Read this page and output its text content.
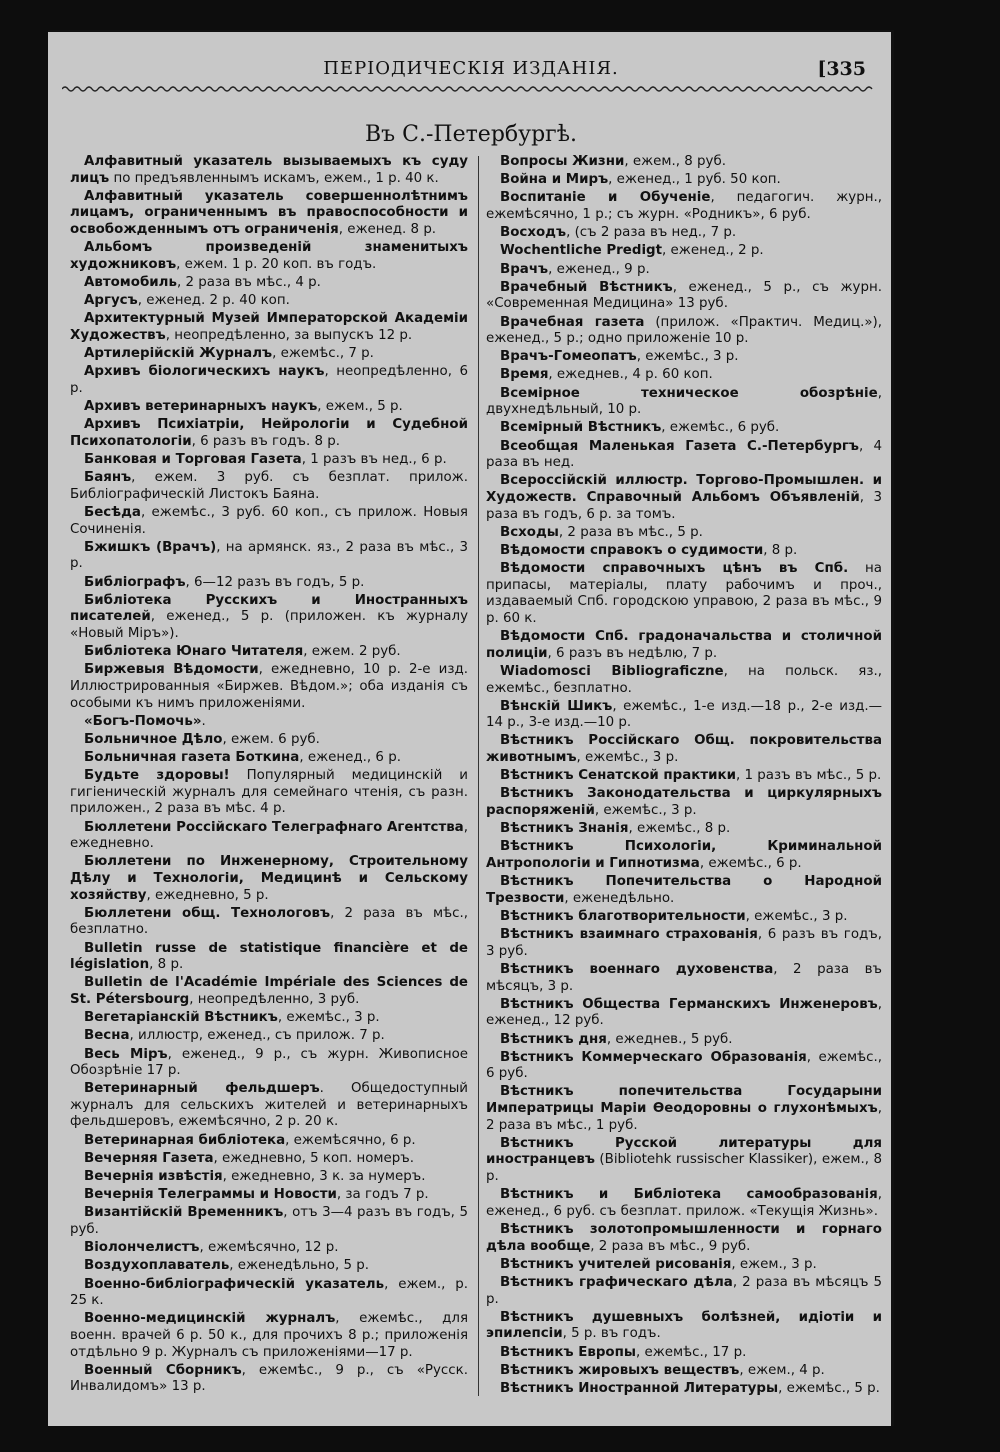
ПЕРІОДИЧЕСКІЯ ИЗДАНІЯ.	[335
Въ С.-Петербургѣ.

Алфавитный указатель вызываемыхъ къ суду лицъ по предъявленнымъ искамъ, ежем., 1 р. 40 к.

Алфавитный указатель совершеннолѣтнимъ лицамъ, ограниченнымъ въ правоспособности и освобожденнымъ отъ ограниченія, еженед. 8 р.

Альбомъ произведеній знаменитыхъ художниковъ, ежем. 1 р. 20 коп. въ годъ.

Автомобиль, 2 раза въ мѣс., 4 р.

Аргусъ, еженед. 2 р. 40 коп.

Архитектурный Музей Императорской Академіи Художествъ, неопредѣленно, за выпускъ 12 р.

Артилерійскій Журналъ, ежемѣс., 7 р.

Архивъ біологическихъ наукъ, неопредѣленно, 6 р.

Архивъ ветеринарныхъ наукъ, ежем., 5 р.

Архивъ Психіатріи, Нейрологіи и Судебной Психопатологіи, 6 разъ въ годъ. 8 р.

Банковая и Торговая Газета, 1 разъ въ нед., 6 р.

Баянъ, ежем. 3 руб. съ безплат. прилож. Библіографическій Листокъ Баяна.

Бесѣда, ежемѣс., 3 руб. 60 коп., съ прилож. Новыя Сочиненія.

Бжишкъ (Врачъ), на армянск. яз., 2 раза въ мѣс., 3 р.

Библіографъ, 6—12 разъ въ годъ, 5 р.

Библіотека Русскихъ и Иностранныхъ писателей, еженед., 5 р. (приложен. къ журналу «Новый Міръ»).

Библіотека Юнаго Читателя, ежем. 2 руб.

Биржевыя Вѣдомости, ежедневно, 10 р. 2-е изд. Иллюстрированныя «Биржев. Вѣдом.»; оба изданія съ особыми къ нимъ приложеніями.

«Богъ-Помочь».

Больничное Дѣло, ежем. 6 руб.

Больничная газета Боткина, еженед., 6 р.

Будьте здоровы! Популярный медицинскій и гигіеническій журналъ для семейнаго чтенія, съ разн. приложен., 2 раза въ мѣс. 4 р.

Бюллетени Россійскаго Телеграфнаго Агентства, ежедневно.

Бюллетени по Инженерному, Строительному Дѣлу и Технологіи, Медицинѣ и Сельскому хозяйству, ежедневно, 5 р.

Бюллетени общ. Технологовъ, 2 раза въ мѣс., безплатно.

Bulletin russe de statistique financière et de législation, 8 р.

Bulletin de l'Académie Impériale des Sciences de St. Pétersbourg, неопредѣленно, 3 руб.

Вегетаріанскій Вѣстникъ, ежемѣс., 3 р.

Весна, иллюстр, еженед., съ прилож. 7 р.

Весь Міръ, еженед., 9 р., съ журн. Живописное Обозрѣніе 17 р.

Ветеринарный фельдшеръ. Общедоступный журналъ для сельскихъ жителей и ветеринарныхъ фельдшеровъ, ежемѣсячно, 2 р. 20 к.

Ветеринарная библіотека, ежемѣсячно, 6 р.

Вечерняя Газета, ежедневно, 5 коп. номеръ.

Вечернія извѣстія, ежедневно, 3 к. за нумеръ.

Вечернія Телеграммы и Новости, за годъ 7 р.

Византійскій Временникъ, отъ 3—4 разъ въ годъ, 5 руб.

Віолончелистъ, ежемѣсячно, 12 р.

Воздухоплаватель, еженедѣльно, 5 р.

Военно-библіографическій указатель, ежем., р. 25 к.

Военно-медицинскій журналъ, ежемѣс., для военн. врачей 6 р. 50 к., для прочихъ 8 р.; приложенія отдѣльно 9 р. Журналъ съ приложеніями—17 р.

Военный Сборникъ, ежемѣс., 9 р., съ «Русск. Инвалидомъ» 13 р.

Вопросы Жизни, ежем., 8 руб.

Война и Миръ, еженед., 1 руб. 50 коп.

Воспитаніе и Обученіе, педагогич. журн., ежемѣсячно, 1 р.; съ журн. «Родникъ», 6 руб.

Восходъ, (съ 2 раза въ нед., 7 р.

Wochentliche Predigt, еженед., 2 р.

Врачъ, еженед., 9 р.

Врачебный Вѣстникъ, еженед., 5 р., съ журн. «Современная Медицина» 13 руб.

Врачебная газета (прилож. «Практич. Медиц.»), еженед., 5 р.; одно приложеніе 10 р.

Врачъ-Гомеопатъ, ежемѣс., 3 р.

Время, ежеднев., 4 р. 60 коп.

Всемірное техническое обозрѣніе, двухнедѣльный, 10 р.

Всемірный Вѣстникъ, ежемѣс., 6 руб.

Всеобщая Маленькая Газета С.-Петербургъ, 4 раза въ нед.

Всероссійскій иллюстр. Торгово-Промышлен. и Художеств. Справочный Альбомъ Объявленій, 3 раза въ годъ, 6 р. за томъ.

Всходы, 2 раза въ мѣс., 5 р.

Вѣдомости справокъ о судимости, 8 р.

Вѣдомости справочныхъ цѣнъ въ Спб. на припасы, матеріалы, плату рабочимъ и проч., издаваемый Спб. городскою управою, 2 раза въ мѣс., 9 р. 60 к.

Вѣдомости Спб. градоначальства и столичной полиціи, 6 разъ въ недѣлю, 7 р.

Wiadomosci Bibliograficzne, на польск. яз., ежемѣс., безплатно.

Вѣнскій Шикъ, ежемѣс., 1-е изд.—18 р., 2-е изд.—14 р., 3-е изд.—10 р.

Вѣстникъ Россійскаго Общ. покровительства животнымъ, ежемѣс., 3 р.

Вѣстникъ Сенатской практики, 1 разъ въ мѣс., 5 р.

Вѣстникъ Законодательства и циркулярныхъ распоряженій, ежемѣс., 3 р.

Вѣстникъ Знанія, ежемѣс., 8 р.

Вѣстникъ Психологіи, Криминальной Антропологіи и Гипнотизма, ежемѣс., 6 р.

Вѣстникъ Попечительства о Народной Трезвости, еженедѣльно.

Вѣстникъ благотворительности, ежемѣс., 3 р.

Вѣстникъ взаимнаго страхованія, 6 разъ въ годъ, 3 руб.

Вѣстникъ военнаго духовенства, 2 раза въ мѣсяцъ, 3 р.

Вѣстникъ Общества Германскихъ Инженеровъ, еженед., 12 руб.

Вѣстникъ дня, ежеднев., 5 руб.

Вѣстникъ Коммерческаго Образованія, ежемѣс., 6 руб.

Вѣстникъ попечительства Государыни Императрицы Маріи Ѳеодоровны о глухонѣмыхъ, 2 раза въ мѣс., 1 руб.

Вѣстникъ Русской литературы для иностранцевъ (Bibliotehk russischer Klassiker), ежем., 8 р.

Вѣстникъ и Библіотека самообразованія, еженед., 6 руб. съ безплат. прилож. «Текущія Жизнь».

Вѣстникъ золотопромышленности и горнаго дѣла вообще, 2 раза въ мѣс., 9 руб.

Вѣстникъ учителей рисованія, ежем., 3 р.

Вѣстникъ графическаго дѣла, 2 раза въ мѣсяцъ 5 р.

Вѣстникъ душевныхъ болѣзней, идіотіи и эпилепсіи, 5 р. въ годъ.

Вѣстникъ Европы, ежемѣс., 17 р.

Вѣстникъ жировыхъ веществъ, ежем., 4 р.

Вѣстникъ Иностранной Литературы, ежемѣс., 5 р.
